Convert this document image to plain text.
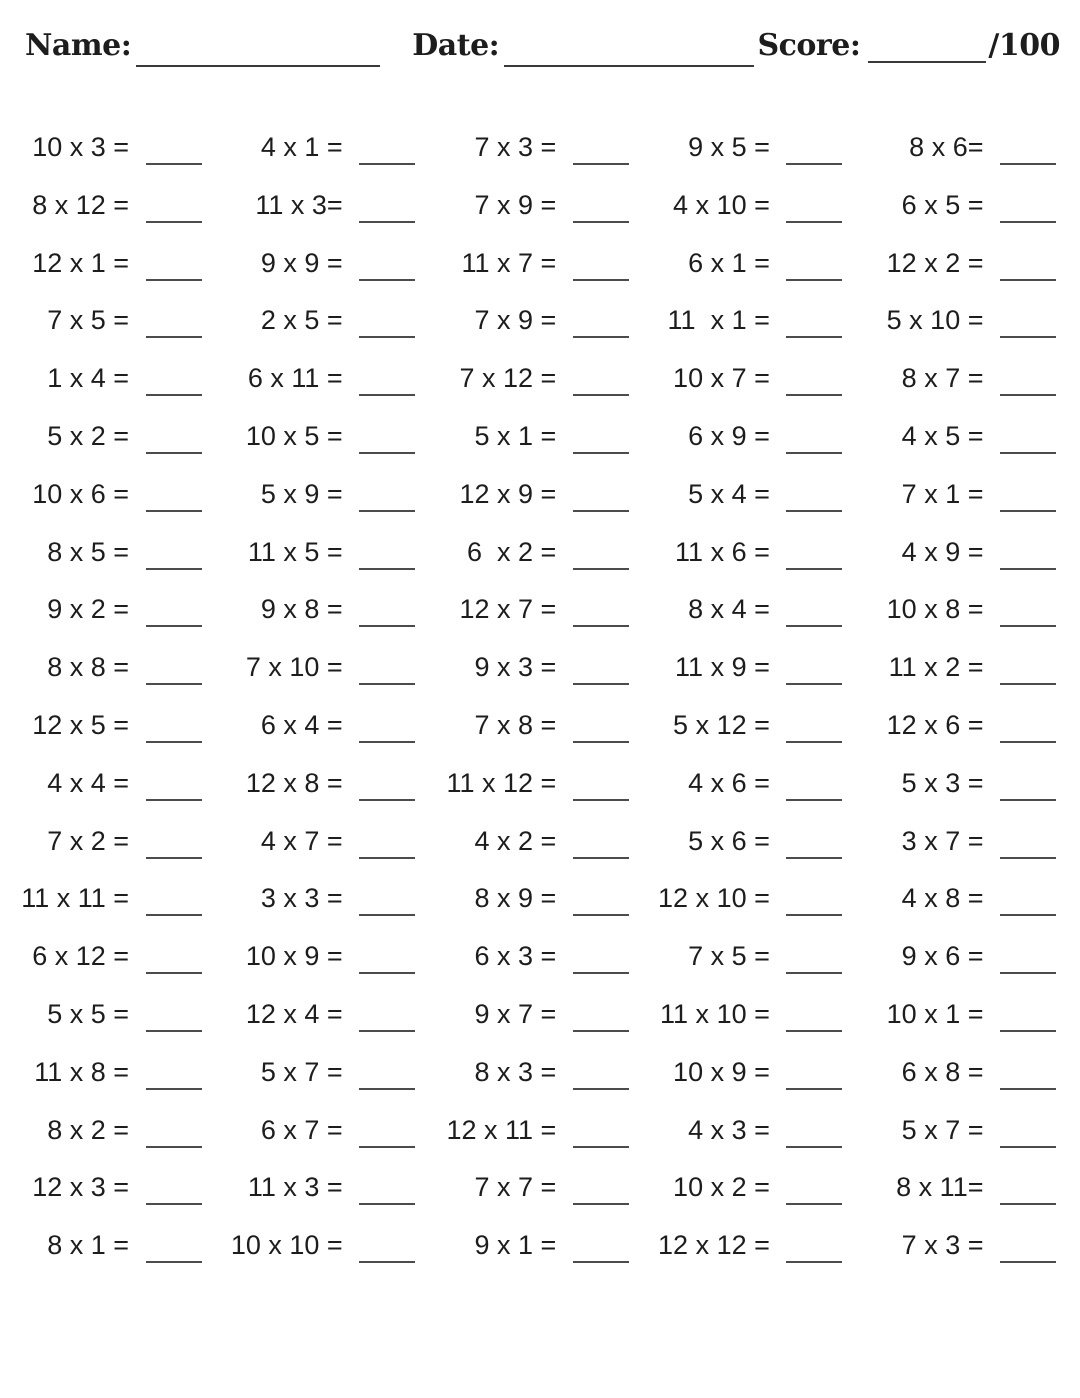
Name:	Date:	Score:	/100
10 x 3 =	4 x 1 =	7 x 3 =	9 x 5 =	8 x 6=
8 x 12 =	11 x 3=	7 x 9 =	4 x 10 =	6 x 5 =
12 x 1 =	9 x 9 =	11 x 7 =	6 x 1 =	12 x 2 =
7 x 5 =	2 x 5 =	7 x 9 =	11  x 1 =	5 x 10 =
1 x 4 =	6 x 11 =	7 x 12 =	10 x 7 =	8 x 7 =
5 x 2 =	10 x 5 =	5 x 1 =	6 x 9 =	4 x 5 =
10 x 6 =	5 x 9 =	12 x 9 =	5 x 4 =	7 x 1 =
8 x 5 =	11 x 5 =	6  x 2 =	11 x 6 =	4 x 9 =
9 x 2 =	9 x 8 =	12 x 7 =	8 x 4 =	10 x 8 =
8 x 8 =	7 x 10 =	9 x 3 =	11 x 9 =	11 x 2 =
12 x 5 =	6 x 4 =	7 x 8 =	5 x 12 =	12 x 6 =
4 x 4 =	12 x 8 =	11 x 12 =	4 x 6 =	5 x 3 =
7 x 2 =	4 x 7 =	4 x 2 =	5 x 6 =	3 x 7 =
11 x 11 =	3 x 3 =	8 x 9 =	12 x 10 =	4 x 8 =
6 x 12 =	10 x 9 =	6 x 3 =	7 x 5 =	9 x 6 =
5 x 5 =	12 x 4 =	9 x 7 =	11 x 10 =	10 x 1 =
11 x 8 =	5 x 7 =	8 x 3 =	10 x 9 =	6 x 8 =
8 x 2 =	6 x 7 =	12 x 11 =	4 x 3 =	5 x 7 =
12 x 3 =	11 x 3 =	7 x 7 =	10 x 2 =	8 x 11=
8 x 1 =	10 x 10 =	9 x 1 =	12 x 12 =	7 x 3 =
